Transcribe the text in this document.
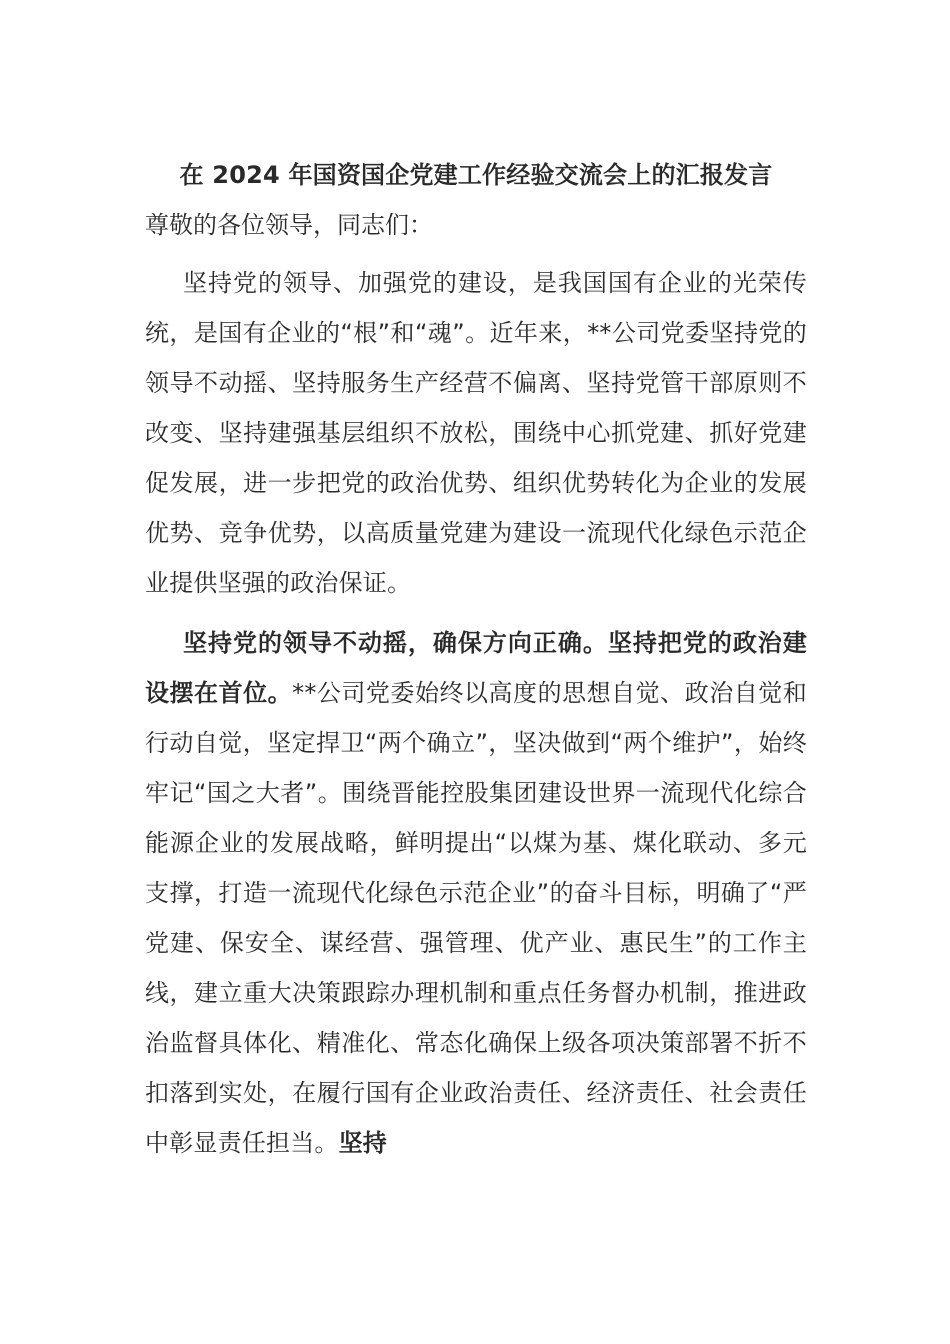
在 2024 年国资国企党建工作经验交流会上的汇报发言

尊敬的各位领导，同志们：

坚持党的领导、加强党的建设，是我国国有企业的光荣传统，是国有企业的“根”和“魂”。近年来，**公司党委坚持党的领导不动摇、坚持服务生产经营不偏离、坚持党管干部原则不改变、坚持建强基层组织不放松，围绕中心抓党建、抓好党建促发展，进一步把党的政治优势、组织优势转化为企业的发展优势、竞争优势，以高质量党建为建设一流现代化绿色示范企业提供坚强的政治保证。

坚持党的领导不动摇，确保方向正确。坚持把党的政治建设摆在首位。**公司党委始终以高度的思想自觉、政治自觉和行动自觉，坚定捍卫“两个确立”，坚决做到“两个维护”，始终牢记“国之大者”。围绕晋能控股集团建设世界一流现代化综合能源企业的发展战略，鲜明提出“以煤为基、煤化联动、多元支撑，打造一流现代化绿色示范企业”的奋斗目标，明确了“严党建、保安全、谋经营、强管理、优产业、惠民生”的工作主线，建立重大决策跟踪办理机制和重点任务督办机制，推进政治监督具体化、精准化、常态化确保上级各项决策部署不折不扣落到实处，在履行国有企业政治责任、经济责任、社会责任中彰显责任担当。坚持
